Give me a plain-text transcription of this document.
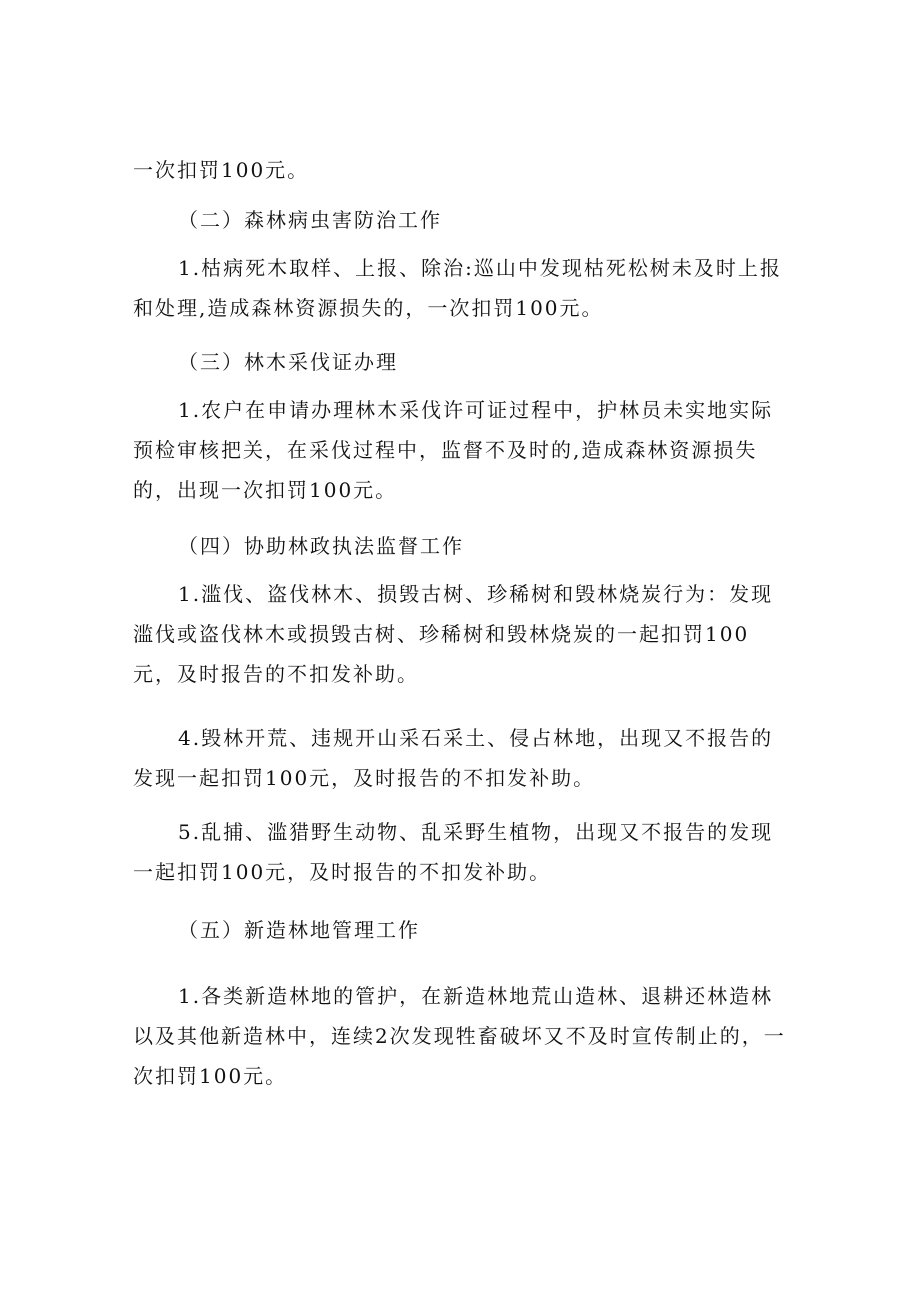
一次扣罚100元。

（二）森林病虫害防治工作

1.枯病死木取样、上报、除治:巡山中发现枯死松树未及时上报和处理,造成森林资源损失的，一次扣罚100元。

（三）林木采伐证办理

1.农户在申请办理林木采伐许可证过程中，护林员未实地实际预检审核把关，在采伐过程中，监督不及时的,造成森林资源损失的，出现一次扣罚100元。

（四）协助林政执法监督工作

1.滥伐、盗伐林木、损毁古树、珍稀树和毁林烧炭行为：发现滥伐或盗伐林木或损毁古树、珍稀树和毁林烧炭的一起扣罚100元，及时报告的不扣发补助。

4.毁林开荒、违规开山采石采土、侵占林地，出现又不报告的发现一起扣罚100元，及时报告的不扣发补助。

5.乱捕、滥猎野生动物、乱采野生植物，出现又不报告的发现一起扣罚100元，及时报告的不扣发补助。

（五）新造林地管理工作

1.各类新造林地的管护，在新造林地荒山造林、退耕还林造林以及其他新造林中，连续2次发现牲畜破坏又不及时宣传制止的，一次扣罚100元。
